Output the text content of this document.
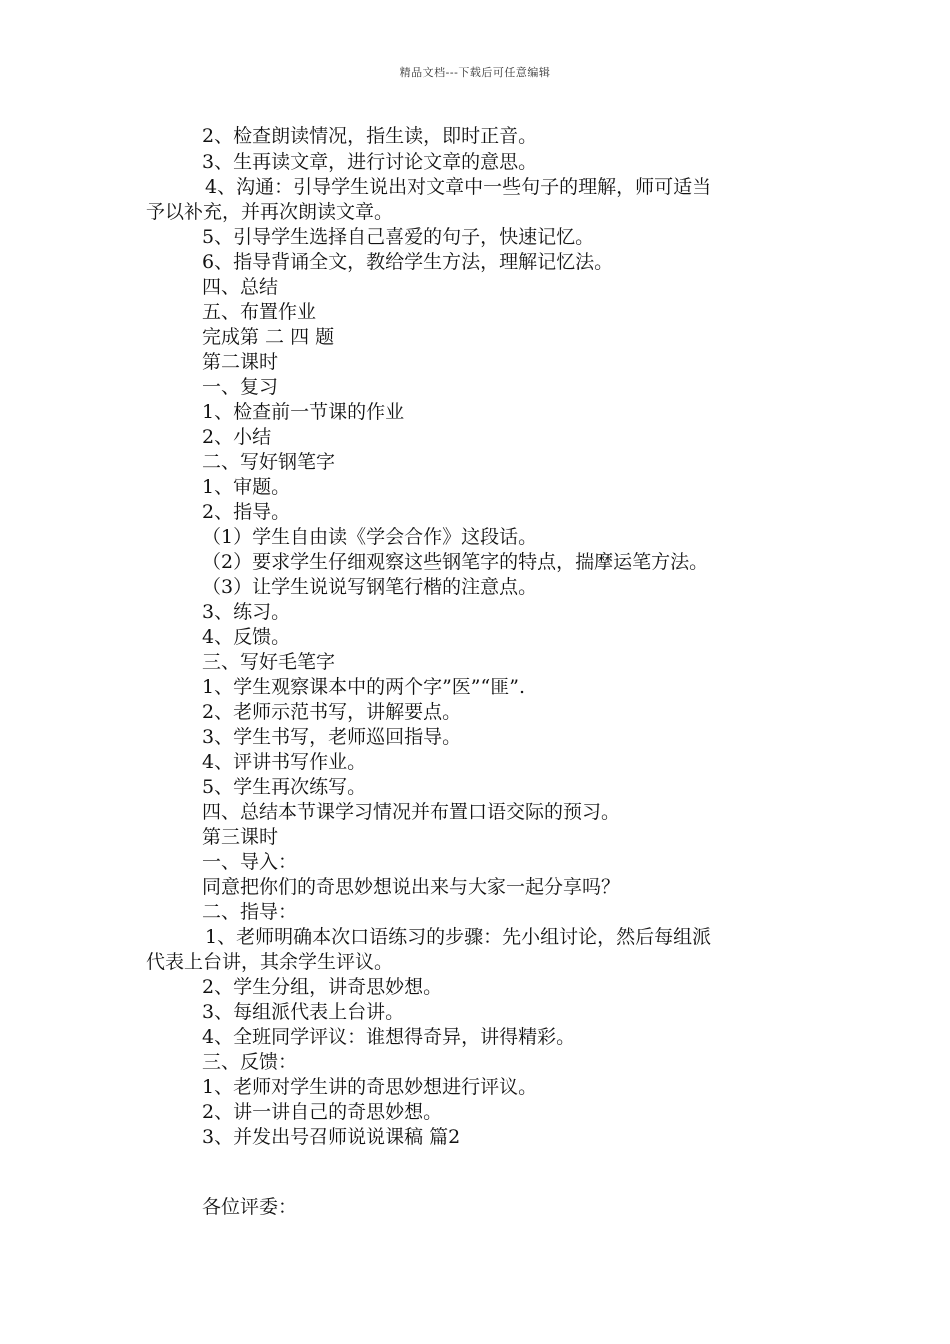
精品文档---下载后可任意编辑
2、检查朗读情况，指生读，即时正音。
3、生再读文章，进行讨论文章的意思。
4、沟通：引导学生说出对文章中一些句子的理解，师可适当
予以补充，并再次朗读文章。
5、引导学生选择自己喜爱的句子，快速记忆。
6、指导背诵全文，教给学生方法，理解记忆法。
四、总结
五、布置作业
完成第 二 四 题
第二课时
一、复习
1、检查前一节课的作业
2、小结
二、写好钢笔字
1、审题。
2、指导。
（1）学生自由读《学会合作》这段话。
（2）要求学生仔细观察这些钢笔字的特点，揣摩运笔方法。
（3）让学生说说写钢笔行楷的注意点。
3、练习。
4、反馈。
三、写好毛笔字
1、学生观察课本中的两个字”医”“匪”.
2、老师示范书写，讲解要点。
3、学生书写，老师巡回指导。
4、评讲书写作业。
5、学生再次练写。
四、总结本节课学习情况并布置口语交际的预习。
第三课时
一、导入：
同意把你们的奇思妙想说出来与大家一起分享吗？
二、指导：
1、老师明确本次口语练习的步骤：先小组讨论，然后每组派
代表上台讲，其余学生评议。
2、学生分组，讲奇思妙想。
3、每组派代表上台讲。
4、全班同学评议：谁想得奇异，讲得精彩。
三、反馈：
1、老师对学生讲的奇思妙想进行评议。
2、讲一讲自己的奇思妙想。
3、并发出号召师说说课稿 篇2
各位评委：
